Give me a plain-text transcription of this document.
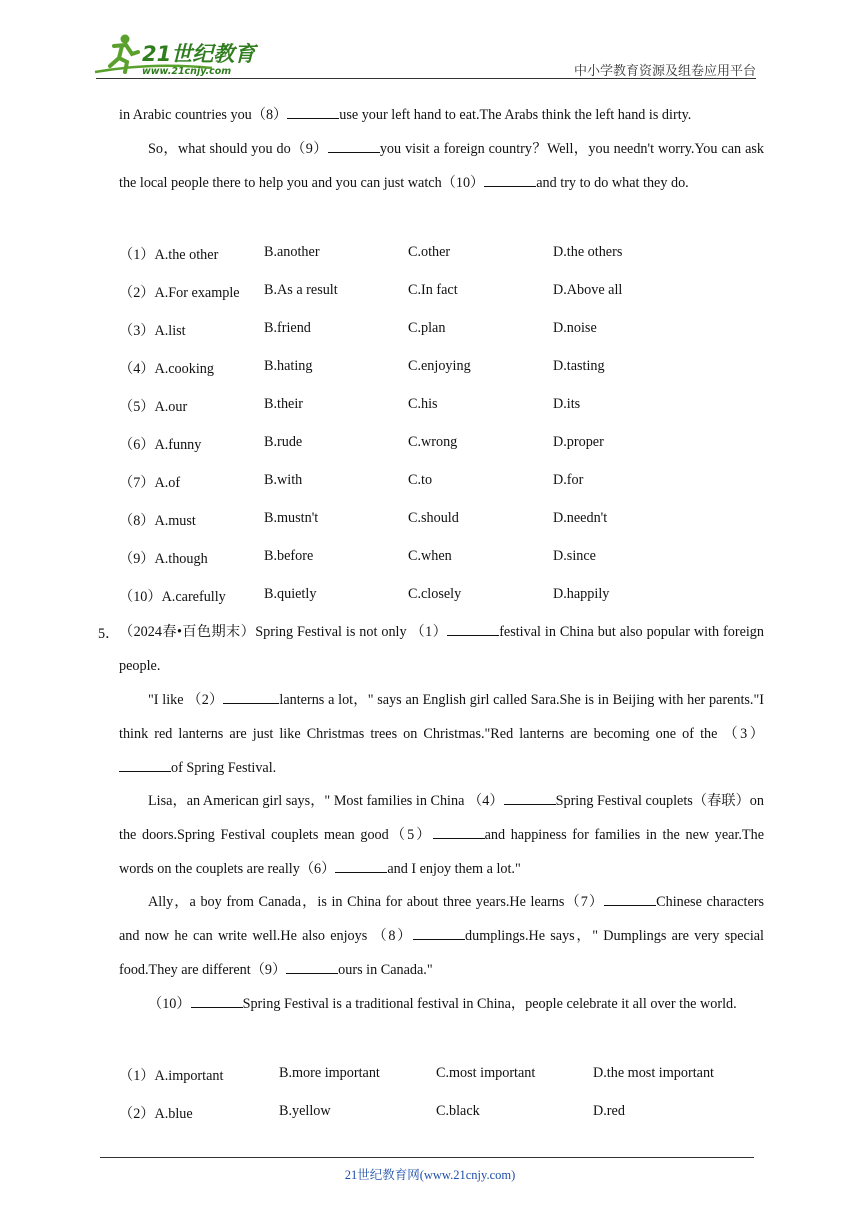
21世纪教育
www.21cnjy.com	中小学教育资源及组卷应用平台

in Arabic countries you（8）	use your left hand to eat.The Arabs think the left hand is dirty.

So，what should you do（9）	you visit a foreign country？Well，you needn't worry.You can ask the local people there to help you and you can just watch（10）	and try to do what they do.

（1）A.the other	B.another	C.other	D.the others
（2）A.For example B.As a result	C.In fact	D.Above all
（3）A.list	B.friend	C.plan	D.noise
（4）A.cooking	B.hating	C.enjoying	D.tasting
（5）A.our	B.their	C.his	D.its
（6）A.funny	B.rude	C.wrong	D.proper
（7）A.of	B.with	C.to	D.for
（8）A.must	B.mustn't	C.should	D.needn't
（9）A.though	B.before	C.when	D.since
（10）A.carefully	B.quietly	C.closely	D.happily
5． （2024春•百色期末）Spring Festival is not only （1）	festival in China but also popular with foreign people.

"I like （2）	lanterns a lot，" says an English girl called Sara.She is in Beijing with her parents."I think red lanterns are just like Christmas trees on Christmas."Red lanterns are becoming one of the （3）of Spring Festival.

Lisa，an American girl says，" Most families in China （4）	Spring Festival couplets（春联）on the doors.Spring Festival couplets mean good（5）	and happiness for families in the new year.The words on the couplets are really（6）	and I enjoy them a lot."

Ally，a boy from Canada，is in China for about three years.He learns（7）	Chinese characters and now he can write well.He also enjoys （8）	dumplings.He says，" Dumplings are very special food.They are different（9）	ours in Canada."

（10）	Spring Festival is a traditional festival in China，people celebrate it all over the world.

（1）A.important	B.more important	C.most important	D.the most important
（2）A.blue	B.yellow	C.black	D.red
21世纪教育网(www.21cnjy.com)
